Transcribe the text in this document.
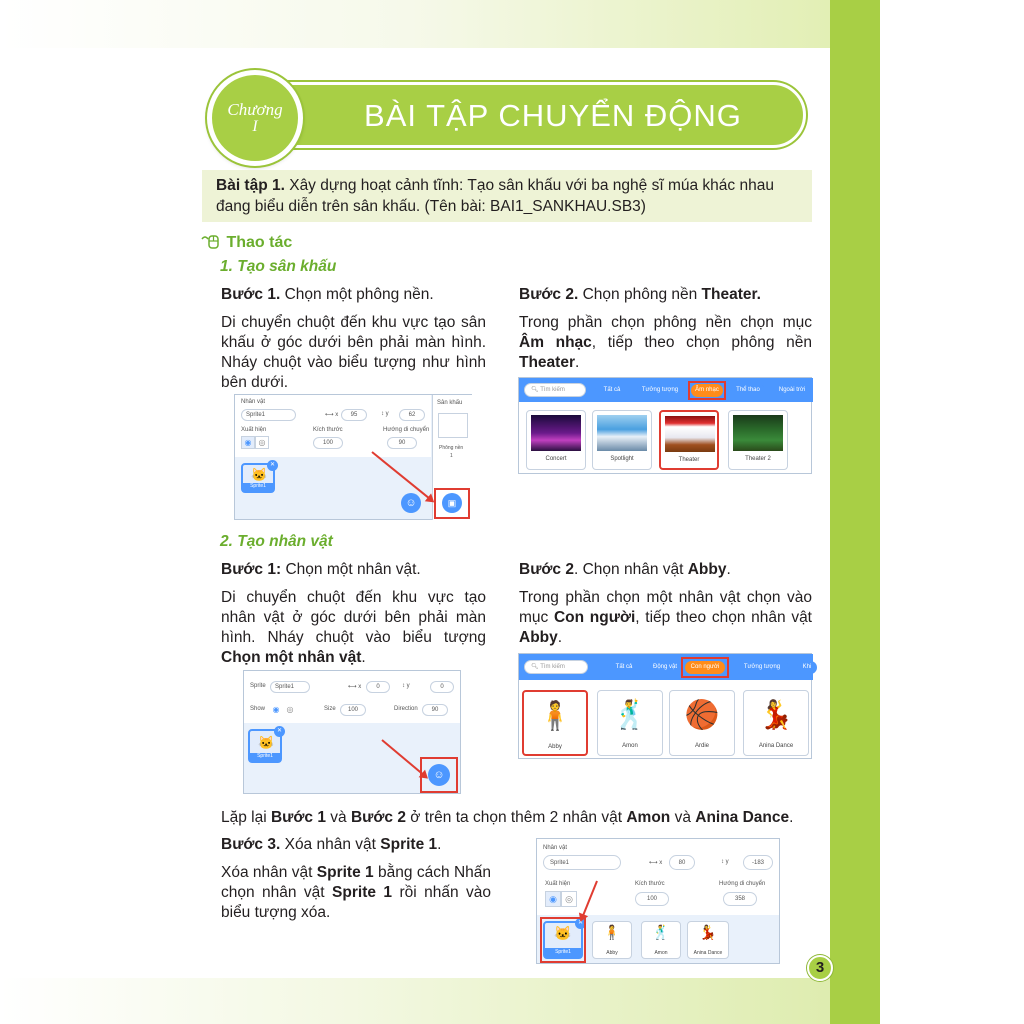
BÀI TẬP CHUYỂN ĐỘNG
Chương
I
Bài tập 1. Xây dựng hoạt cảnh tĩnh: Tạo sân khấu với ba nghệ sĩ múa khác nhau đang biểu diễn trên sân khấu. (Tên bài: BAI1_SANKHAU.SB3)
Thao tác
1. Tạo sân khấu
Bước 1. Chọn một phông nền.
Di chuyển chuột đến khu vực tạo sân khấu ở góc dưới bên phải màn hình. Nháy chuột vào biểu tượng như hình bên dưới.
Bước 2. Chọn phông nền Theater.
Trong phần chọn phông nền chọn mục Âm nhạc, tiếp theo chọn phông nền Theater.
Nhân vật
Sprite1	⟷ x	95	↕ y	62
Xuất hiện
◉ ◎
Kích thước
100
Hướng di chuyển
90
Sân khấu
Phông nền
1
🐱
Sprite1
✕
☺	▣
🔍︎ Tìm kiếm	Tất cả	Tưởng tượng	Âm nhạc	Thể thao	Ngoài trời
Concert	Spotlight	Theater	Theater 2
2. Tạo nhân vật
Bước 1: Chọn một nhân vật.
Di chuyển chuột đến khu vực tạo nhân vật ở góc dưới bên phải màn hình. Nháy chuột vào biểu tượng Chọn một nhân vật.
Bước 2. Chọn nhân vật Abby.
Trong phần chọn một nhân vật chọn vào mục Con người, tiếp theo chọn nhân vật Abby.
Sprite	Sprite1	⟷ x	0	↕ y	0
Show ◉ ◎	Size	100	Direction	90
🐱
Sprite1
✕
☺
🔍︎ Tìm kiếm	Tất cả	Động vật	Con người	Tưởng tượng	Khi
🧍
Abby
🕺
Amon
🏀
Ardie
💃
Anina Dance
Lặp lại Bước 1 và Bước 2 ở trên ta chọn thêm 2 nhân vật Amon và Anina Dance.
Bước 3. Xóa nhân vật Sprite 1.
Xóa nhân vật Sprite 1 bằng cách Nhấn chọn nhân vật Sprite 1 rồi nhấn vào biểu tượng xóa.
Nhân vật
Sprite1	⟷ x	80	↕ y	-183
Xuất hiện
◉ ◎
Kích thước
100
Hướng di chuyển
358
🐱
Sprite1
✕
🧍
Abby
🕺
Amon
💃
Anina Dance
3
